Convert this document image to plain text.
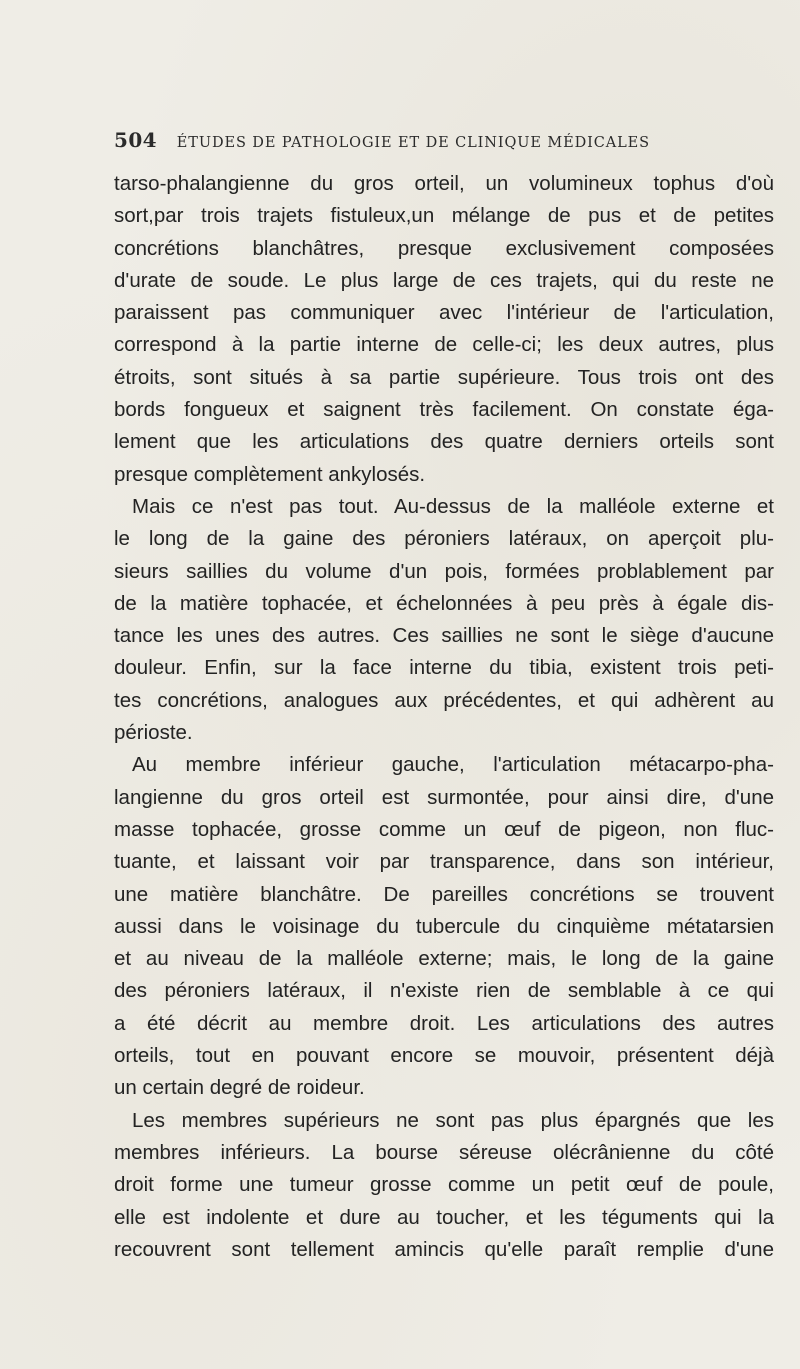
504 ÉTUDES DE PATHOLOGIE ET DE CLINIQUE MÉDICALES
tarso-phalangienne du gros orteil, un volumineux tophus d'où
sort,par trois trajets fistuleux,un mélange de pus et de petites
concrétions blanchâtres, presque exclusivement composées
d'urate de soude. Le plus large de ces trajets, qui du reste ne
paraissent pas communiquer avec l'intérieur de l'articulation,
correspond à la partie interne de celle-ci; les deux autres, plus
étroits, sont situés à sa partie supérieure. Tous trois ont des
bords fongueux et saignent très facilement. On constate éga-
lement que les articulations des quatre derniers orteils sont
presque complètement ankylosés.
Mais ce n'est pas tout. Au-dessus de la malléole externe et
le long de la gaine des péroniers latéraux, on aperçoit plu-
sieurs saillies du volume d'un pois, formées problablement par
de la matière tophacée, et échelonnées à peu près à égale dis-
tance les unes des autres. Ces saillies ne sont le siège d'aucune
douleur. Enfin, sur la face interne du tibia, existent trois peti-
tes concrétions, analogues aux précédentes, et qui adhèrent au
périoste.
Au membre inférieur gauche, l'articulation métacarpo-pha-
langienne du gros orteil est surmontée, pour ainsi dire, d'une
masse tophacée, grosse comme un œuf de pigeon, non fluc-
tuante, et laissant voir par transparence, dans son intérieur,
une matière blanchâtre. De pareilles concrétions se trouvent
aussi dans le voisinage du tubercule du cinquième métatarsien
et au niveau de la malléole externe; mais, le long de la gaine
des péroniers latéraux, il n'existe rien de semblable à ce qui
a été décrit au membre droit. Les articulations des autres
orteils, tout en pouvant encore se mouvoir, présentent déjà
un certain degré de roideur.
Les membres supérieurs ne sont pas plus épargnés que les
membres inférieurs. La bourse séreuse olécrânienne du côté
droit forme une tumeur grosse comme un petit œuf de poule,
elle est indolente et dure au toucher, et les téguments qui la
recouvrent sont tellement amincis qu'elle paraît remplie d'une
